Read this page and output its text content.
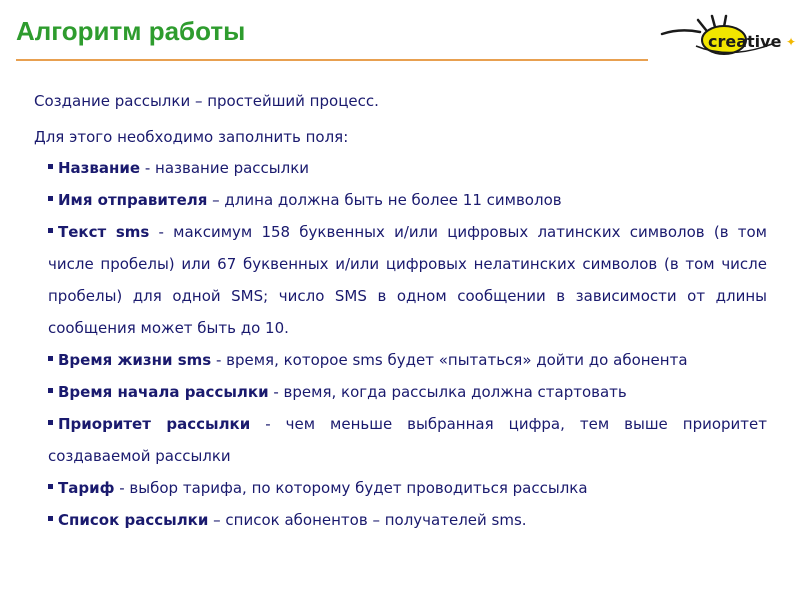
Алгоритм работы	creative ✦

Создание рассылки – простейший процесс.

Для этого необходимо заполнить поля:

Название - название рассылки
Имя отправителя – длина должна быть не более 11 символов
Текст sms - максимум 158 буквенных и/или цифровых латинских символов (в том числе пробелы) или 67 буквенных и/или цифровых нелатинских символов (в том числе пробелы) для одной SMS; число SMS в одном сообщении в зависимости от длины сообщения может быть до 10.
Время жизни sms - время, которое sms будет «пытаться» дойти до абонента
Время начала рассылки - время, когда рассылка должна стартовать
Приоритет рассылки - чем меньше выбранная цифра, тем выше приоритет создаваемой рассылки
Тариф - выбор тарифа, по которому будет проводиться рассылка
Список рассылки – список абонентов – получателей sms.
